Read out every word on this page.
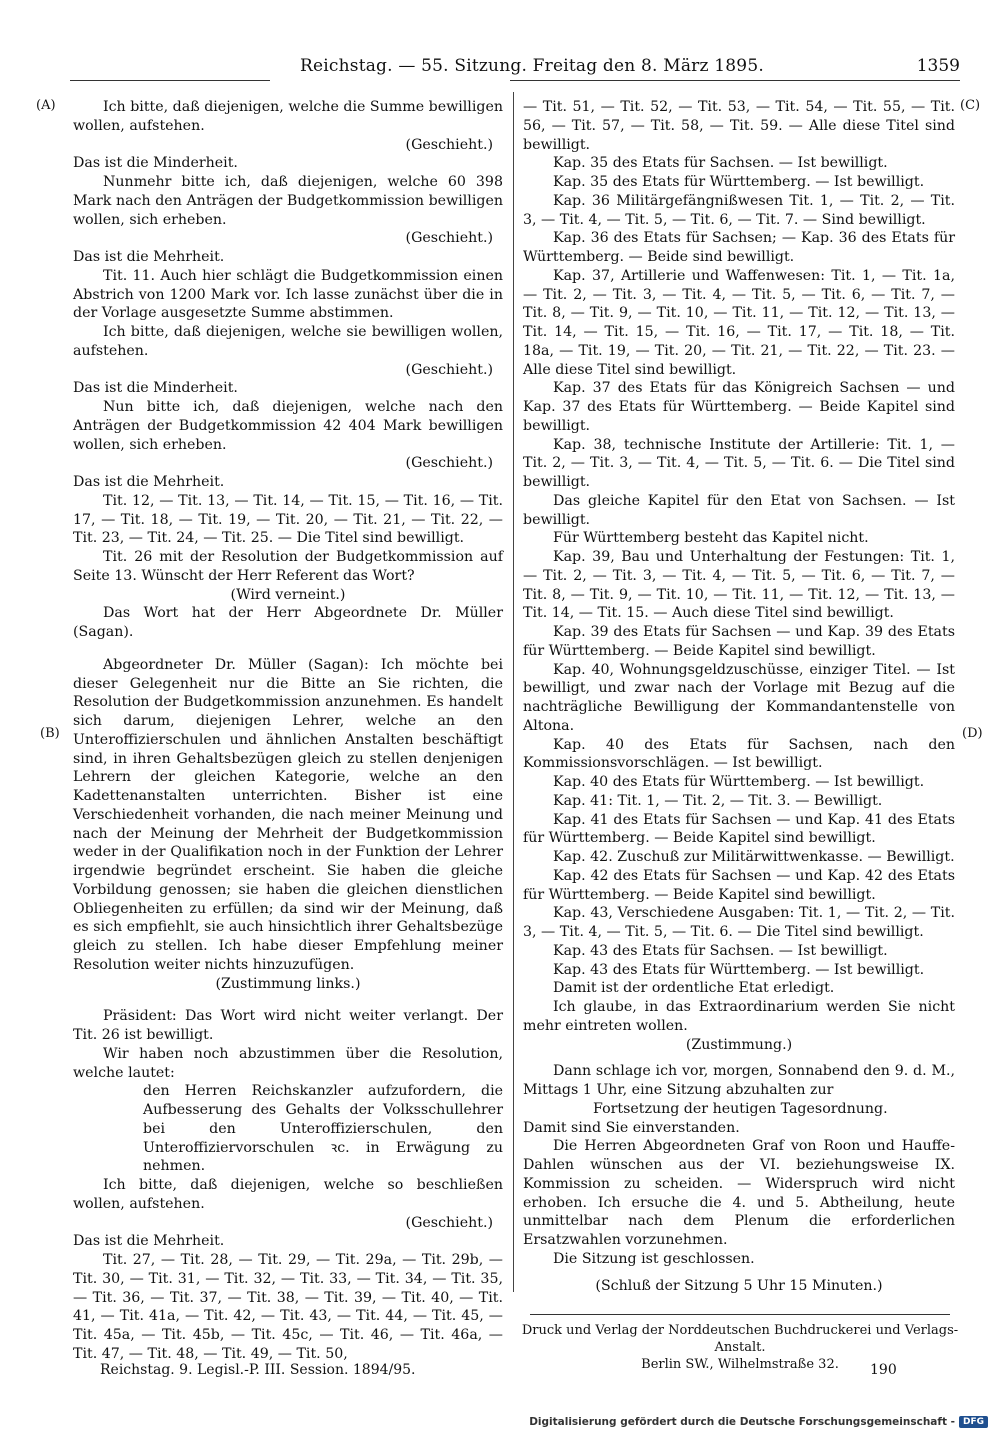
Reichstag. — 55. Sitzung. Freitag den 8. März 1895.	1359
(A)
(B)
(C)
(D)

Ich bitte, daß diejenigen, welche die Summe bewilligen wollen, aufstehen.

(Geschieht.)

Das ist die Minderheit.

Nunmehr bitte ich, daß diejenigen, welche 60 398 Mark nach den Anträgen der Budgetkommission bewilligen wollen, sich erheben.

(Geschieht.)

Das ist die Mehrheit.

Tit. 11. Auch hier schlägt die Budgetkommission einen Abstrich von 1200 Mark vor. Ich lasse zunächst über die in der Vorlage ausgesetzte Summe abstimmen.

Ich bitte, daß diejenigen, welche sie bewilligen wollen, aufstehen.

(Geschieht.)

Das ist die Minderheit.

Nun bitte ich, daß diejenigen, welche nach den Anträgen der Budgetkommission 42 404 Mark bewilligen wollen, sich erheben.

(Geschieht.)

Das ist die Mehrheit.

Tit. 12, — Tit. 13, — Tit. 14, — Tit. 15, — Tit. 16, — Tit. 17, — Tit. 18, — Tit. 19, — Tit. 20, — Tit. 21, — Tit. 22, — Tit. 23, — Tit. 24, — Tit. 25. — Die Titel sind bewilligt.

Tit. 26 mit der Resolution der Budgetkommission auf Seite 13. Wünscht der Herr Referent das Wort?

(Wird verneint.)

Das Wort hat der Herr Abgeordnete Dr. Müller (Sagan).

Abgeordneter Dr. Müller (Sagan): Ich möchte bei dieser Gelegenheit nur die Bitte an Sie richten, die Resolution der Budgetkommission anzunehmen. Es handelt sich darum, diejenigen Lehrer, welche an den Unteroffizierschulen und ähnlichen Anstalten beschäftigt sind, in ihren Gehaltsbezügen gleich zu stellen denjenigen Lehrern der gleichen Kategorie, welche an den Kadettenanstalten unterrichten. Bisher ist eine Verschiedenheit vorhanden, die nach meiner Meinung und nach der Meinung der Mehrheit der Budgetkommission weder in der Qualifikation noch in der Funktion der Lehrer irgendwie begründet erscheint. Sie haben die gleiche Vorbildung genossen; sie haben die gleichen dienstlichen Obliegenheiten zu erfüllen; da sind wir der Meinung, daß es sich empfiehlt, sie auch hinsichtlich ihrer Gehaltsbezüge gleich zu stellen. Ich habe dieser Empfehlung meiner Resolution weiter nichts hinzuzufügen.

(Zustimmung links.)

Präsident: Das Wort wird nicht weiter verlangt. Der Tit. 26 ist bewilligt.

Wir haben noch abzustimmen über die Resolution, welche lautet:

den Herren Reichskanzler aufzufordern, die Aufbesserung des Gehalts der Volksschullehrer bei den Unteroffizierschulen, den Unteroffiziervorschulen ꝛc. in Erwägung zu nehmen.

Ich bitte, daß diejenigen, welche so beschließen wollen, aufstehen.

(Geschieht.)

Das ist die Mehrheit.

Tit. 27, — Tit. 28, — Tit. 29, — Tit. 29a, — Tit. 29b, — Tit. 30, — Tit. 31, — Tit. 32, — Tit. 33, — Tit. 34, — Tit. 35, — Tit. 36, — Tit. 37, — Tit. 38, — Tit. 39, — Tit. 40, — Tit. 41, — Tit. 41a, — Tit. 42, — Tit. 43, — Tit. 44, — Tit. 45, — Tit. 45a, — Tit. 45b, — Tit. 45c, — Tit. 46, — Tit. 46a, — Tit. 47, — Tit. 48, — Tit. 49, — Tit. 50,

— Tit. 51, — Tit. 52, — Tit. 53, — Tit. 54, — Tit. 55, — Tit. 56, — Tit. 57, — Tit. 58, — Tit. 59. — Alle diese Titel sind bewilligt.

Kap. 35 des Etats für Sachsen. — Ist bewilligt.

Kap. 35 des Etats für Württemberg. — Ist bewilligt.

Kap. 36 Militärgefängnißwesen Tit. 1, — Tit. 2, — Tit. 3, — Tit. 4, — Tit. 5, — Tit. 6, — Tit. 7. — Sind bewilligt.

Kap. 36 des Etats für Sachsen; — Kap. 36 des Etats für Württemberg. — Beide sind bewilligt.

Kap. 37, Artillerie und Waffenwesen: Tit. 1, — Tit. 1a, — Tit. 2, — Tit. 3, — Tit. 4, — Tit. 5, — Tit. 6, — Tit. 7, — Tit. 8, — Tit. 9, — Tit. 10, — Tit. 11, — Tit. 12, — Tit. 13, — Tit. 14, — Tit. 15, — Tit. 16, — Tit. 17, — Tit. 18, — Tit. 18a, — Tit. 19, — Tit. 20, — Tit. 21, — Tit. 22, — Tit. 23. — Alle diese Titel sind bewilligt.

Kap. 37 des Etats für das Königreich Sachsen — und Kap. 37 des Etats für Württemberg. — Beide Kapitel sind bewilligt.

Kap. 38, technische Institute der Artillerie: Tit. 1, — Tit. 2, — Tit. 3, — Tit. 4, — Tit. 5, — Tit. 6. — Die Titel sind bewilligt.

Das gleiche Kapitel für den Etat von Sachsen. — Ist bewilligt.

Für Württemberg besteht das Kapitel nicht.

Kap. 39, Bau und Unterhaltung der Festungen: Tit. 1, — Tit. 2, — Tit. 3, — Tit. 4, — Tit. 5, — Tit. 6, — Tit. 7, — Tit. 8, — Tit. 9, — Tit. 10, — Tit. 11, — Tit. 12, — Tit. 13, — Tit. 14, — Tit. 15. — Auch diese Titel sind bewilligt.

Kap. 39 des Etats für Sachsen — und Kap. 39 des Etats für Württemberg. — Beide Kapitel sind bewilligt.

Kap. 40, Wohnungsgeldzuschüsse, einziger Titel. — Ist bewilligt, und zwar nach der Vorlage mit Bezug auf die nachträgliche Bewilligung der Kommandantenstelle von Altona.

Kap. 40 des Etats für Sachsen, nach den Kommissionsvorschlägen. — Ist bewilligt.

Kap. 40 des Etats für Württemberg. — Ist bewilligt.

Kap. 41: Tit. 1, — Tit. 2, — Tit. 3. — Bewilligt.

Kap. 41 des Etats für Sachsen — und Kap. 41 des Etats für Württemberg. — Beide Kapitel sind bewilligt.

Kap. 42. Zuschuß zur Militärwittwenkasse. — Bewilligt.

Kap. 42 des Etats für Sachsen — und Kap. 42 des Etats für Württemberg. — Beide Kapitel sind bewilligt.

Kap. 43, Verschiedene Ausgaben: Tit. 1, — Tit. 2, — Tit. 3, — Tit. 4, — Tit. 5, — Tit. 6. — Die Titel sind bewilligt.

Kap. 43 des Etats für Sachsen. — Ist bewilligt.

Kap. 43 des Etats für Württemberg. — Ist bewilligt.

Damit ist der ordentliche Etat erledigt.

Ich glaube, in das Extraordinarium werden Sie nicht mehr eintreten wollen.

(Zustimmung.)

Dann schlage ich vor, morgen, Sonnabend den 9. d. M., Mittags 1 Uhr, eine Sitzung abzuhalten zur

Fortsetzung der heutigen Tagesordnung.

Damit sind Sie einverstanden.

Die Herren Abgeordneten Graf von Roon und Hauffe-Dahlen wünschen aus der VI. beziehungsweise IX. Kommission zu scheiden. — Widerspruch wird nicht erhoben. Ich ersuche die 4. und 5. Abtheilung, heute unmittelbar nach dem Plenum die erforderlichen Ersatzwahlen vorzunehmen.

Die Sitzung ist geschlossen.

(Schluß der Sitzung 5 Uhr 15 Minuten.)

Druck und Verlag der Norddeutschen Buchdruckerei und Verlags-Anstalt.
Berlin SW., Wilhelmstraße 32.
Reichstag. 9. Legisl.-P. III. Session. 1894/95.	190
Digitalisierung gefördert durch die Deutsche Forschungsgemeinschaft - DFG
